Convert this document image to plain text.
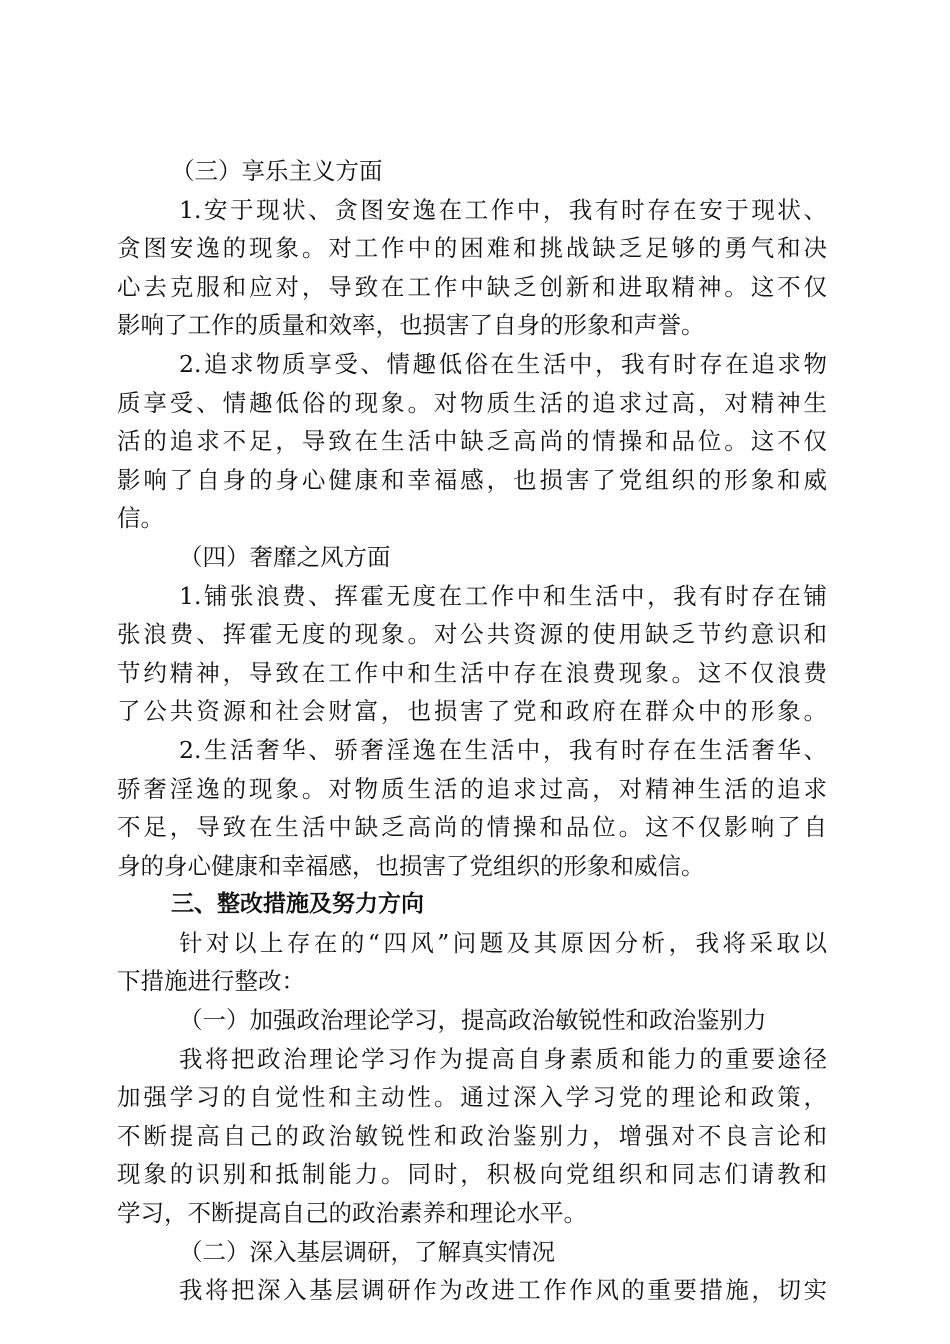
（三）享乐主义方面
1.安于现状、贪图安逸在工作中，我有时存在安于现状、
贪图安逸的现象。对工作中的困难和挑战缺乏足够的勇气和决
心去克服和应对，导致在工作中缺乏创新和进取精神。这不仅
影响了工作的质量和效率，也损害了自身的形象和声誉。
2.追求物质享受、情趣低俗在生活中，我有时存在追求物
质享受、情趣低俗的现象。对物质生活的追求过高，对精神生
活的追求不足，导致在生活中缺乏高尚的情操和品位。这不仅
影响了自身的身心健康和幸福感，也损害了党组织的形象和威
信。
（四）奢靡之风方面
1.铺张浪费、挥霍无度在工作中和生活中，我有时存在铺
张浪费、挥霍无度的现象。对公共资源的使用缺乏节约意识和
节约精神，导致在工作中和生活中存在浪费现象。这不仅浪费
了公共资源和社会财富，也损害了党和政府在群众中的形象。
2.生活奢华、骄奢淫逸在生活中，我有时存在生活奢华、
骄奢淫逸的现象。对物质生活的追求过高，对精神生活的追求
不足，导致在生活中缺乏高尚的情操和品位。这不仅影响了自
身的身心健康和幸福感，也损害了党组织的形象和威信。
三、整改措施及努力方向
针对以上存在的“四风”问题及其原因分析，我将采取以
下措施进行整改：
（一）加强政治理论学习，提高政治敏锐性和政治鉴别力
我将把政治理论学习作为提高自身素质和能力的重要途径
加强学习的自觉性和主动性。通过深入学习党的理论和政策，
不断提高自己的政治敏锐性和政治鉴别力，增强对不良言论和
现象的识别和抵制能力。同时，积极向党组织和同志们请教和
学习，不断提高自己的政治素养和理论水平。
（二）深入基层调研，了解真实情况
我将把深入基层调研作为改进工作作风的重要措施，切实
